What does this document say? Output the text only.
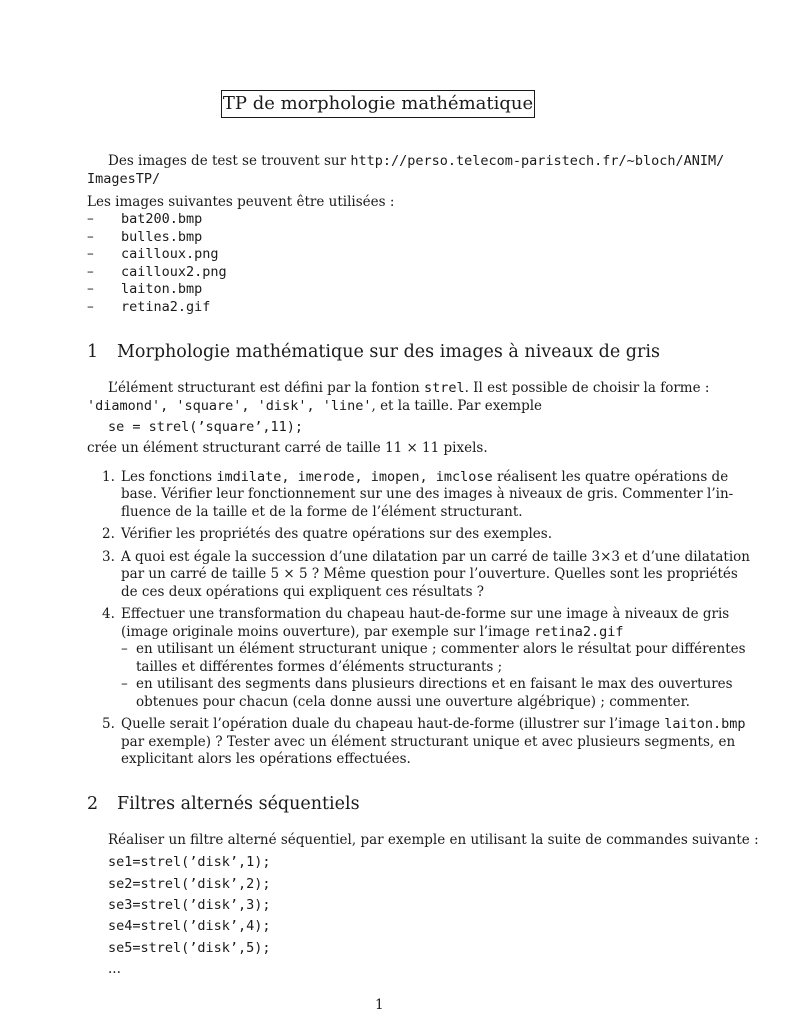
TP de morphologie mathématique
Des images de test se trouvent sur http://perso.telecom-paristech.fr/~bloch/ANIM/
ImagesTP/
Les images suivantes peuvent être utilisées :
– bat200.bmp
– bulles.bmp
– cailloux.png
– cailloux2.png
– laiton.bmp
– retina2.gif
1 Morphologie mathématique sur des images à niveaux de gris
L’élément structurant est défini par la fontion strel. Il est possible de choisir la forme :
'diamond', 'square', 'disk', 'line', et la taille. Par exemple
se = strel(’square’,11);
crée un élément structurant carré de taille 11 × 11 pixels.
1. Les fonctions imdilate, imerode, imopen, imclose réalisent les quatre opérations de
base. Vérifier leur fonctionnement sur une des images à niveaux de gris. Commenter l’in-
fluence de la taille et de la forme de l’élément structurant.
2. Vérifier les propriétés des quatre opérations sur des exemples.
3. A quoi est égale la succession d’une dilatation par un carré de taille 3×3 et d’une dilatation
par un carré de taille 5 × 5 ? Même question pour l’ouverture. Quelles sont les propriétés
de ces deux opérations qui expliquent ces résultats ?
4. Effectuer une transformation du chapeau haut-de-forme sur une image à niveaux de gris
(image originale moins ouverture), par exemple sur l’image retina2.gif
– en utilisant un élément structurant unique ; commenter alors le résultat pour différentes
tailles et différentes formes d’éléments structurants ;
– en utilisant des segments dans plusieurs directions et en faisant le max des ouvertures
obtenues pour chacun (cela donne aussi une ouverture algébrique) ; commenter.
5. Quelle serait l’opération duale du chapeau haut-de-forme (illustrer sur l’image laiton.bmp
par exemple) ? Tester avec un élément structurant unique et avec plusieurs segments, en
explicitant alors les opérations effectuées.
2 Filtres alternés séquentiels
Réaliser un filtre alterné séquentiel, par exemple en utilisant la suite de commandes suivante :
se1=strel(’disk’,1);
se2=strel(’disk’,2);
se3=strel(’disk’,3);
se4=strel(’disk’,4);
se5=strel(’disk’,5);
...
1
